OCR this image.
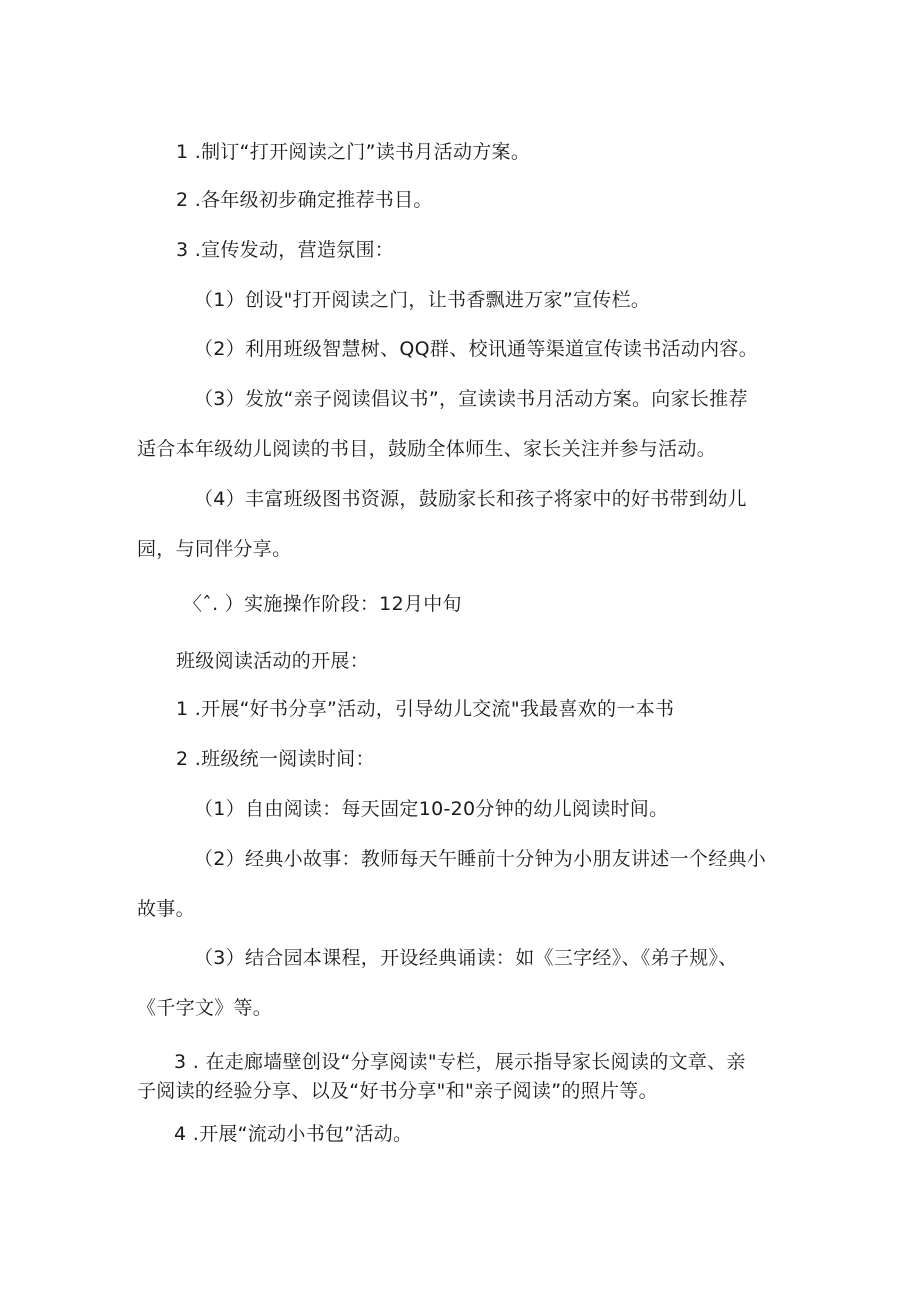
1 .制订“打开阅读之门”读书月活动方案。
2 .各年级初步确定推荐书目。
3 .宣传发动，营造氛围：
（1）创设"打开阅读之门，让书香飘进万家”宣传栏。
（2）利用班级智慧树、QQ群、校讯通等渠道宣传读书活动内容。
（3）发放“亲子阅读倡议书”，宣读读书月活动方案。向家长推荐
适合本年级幼儿阅读的书目，鼓励全体师生、家长关注并参与活动。
（4）丰富班级图书资源，鼓励家长和孩子将家中的好书带到幼儿
园，与同伴分享。
〈ˆ. ）实施操作阶段：12月中旬
班级阅读活动的开展：
1 .开展“好书分享”活动，引导幼儿交流"我最喜欢的一本书
2 .班级统一阅读时间：
（1）自由阅读：每天固定10-20分钟的幼儿阅读时间。
（2）经典小故事：教师每天午睡前十分钟为小朋友讲述一个经典小
故事。
（3）结合园本课程，开设经典诵读：如《三字经》、《弟子规》、
《千字文》等。
3 . 在走廊墙壁创设“分享阅读"专栏，展示指导家长阅读的文章、亲
子阅读的经验分享、以及“好书分享"和"亲子阅读”的照片等。
4 .开展“流动小书包”活动。
